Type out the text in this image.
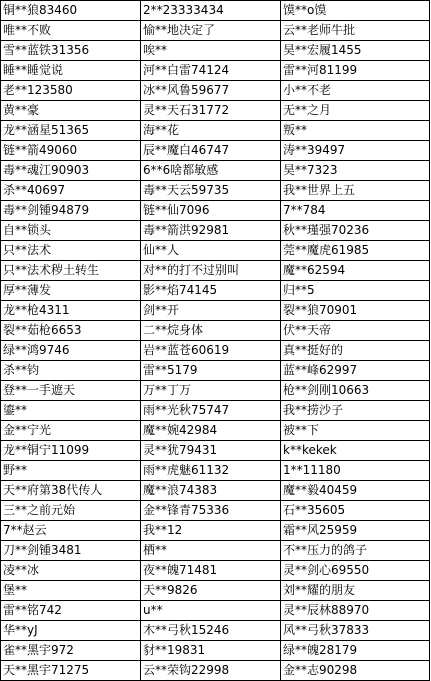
铜**狼83460	2**23333434	馍**o馍
唯**不败	愉**地决定了	云**老师牛批
雪**蓝铁31356	唉**	昊**宏履1455
睡**睡觉说	河**白雷74124	雷**河81199
老**123580	冰**风鲁59677	小**不老
黄**豪	灵**天石31772	无**之月
龙**涵星51365	海**花	叛**
链**箭49060	辰**魔白46747	涛**39497
毒**魂江90903	6**6啥都敏感	昊**7323
杀**40697	毒**天云59735	我**世界上五
毒**剑锺94879	链**仙7096	7**784
自**锁头	毒**箭洪92981	秋**瑾强70236
只**法术	仙**人	莞**魔虎61985
只**法术秽土转生	对**的打不过别叫	魔**62594
厚**薄发	影**焰74145	归**5
龙**枪4311	剑**开	裂**狼70901
裂**茹枪6653	二**烷身体	伏**天帝
绿**鸿9746	岩**蓝苍60619	真**挺好的
杀**钧	雷**5179	蓝**峰62997
登**一手遮天	万**丁万	枪**剑刚10663
鎏**	雨**光秋75747	我**捞沙子
金**宁光	魔**婉42984	被**下
龙**铜宁11099	灵**犹79431	k**kekek
野**	雨**虎魅61132	1**11180
天**府第38代传人	魔**浪74383	魔**毅40459
三**之前元始	金**锋青75336	石**35605
7**赵云	我**12	霜**风25959
刀**剑锺3481	栖**	不**压力的鸽子
凌**冰	夜**魄71481	灵**剑心69550
堡**	天**9826	刘**耀的朋友
雷**铭742	u**	灵**辰林88970
华**yJ	木**弓秋15246	风**弓秋37833
雀**黑宇972	豺**19831	绿**魄28179
天**黑宇71275	云**荣钩22998	金**志90298
